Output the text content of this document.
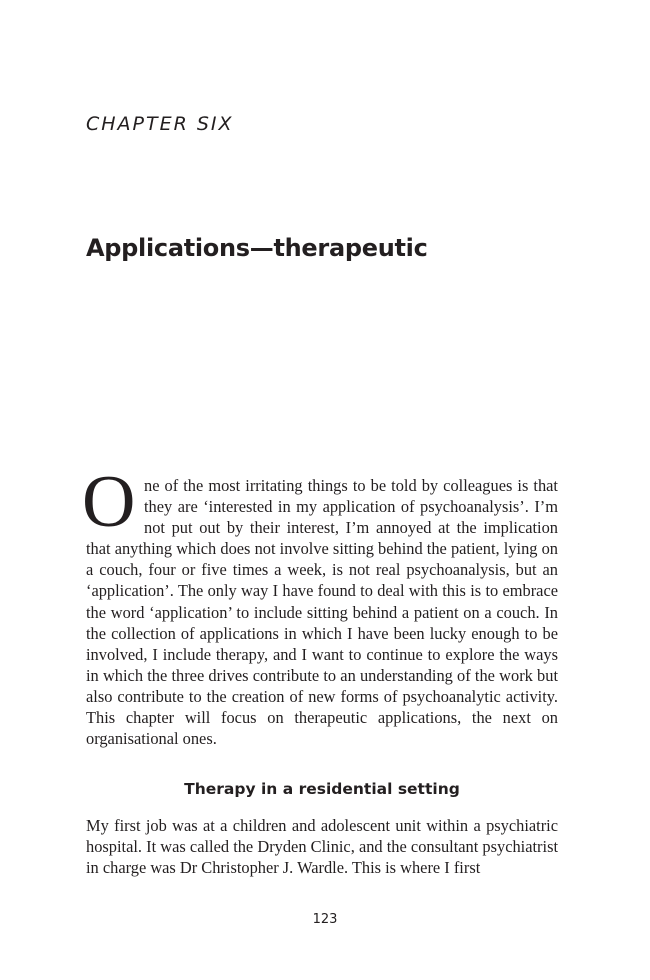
CHAPTER SIX
Applications—therapeutic

O ne of the most irritating things to be told by colleagues is that they are ‘interested in my application of psychoanalysis’. I’m not put out by their interest, I’m annoyed at the implication that anything which does not involve sitting behind the patient, lying on a couch, four or five times a week, is not real psychoanalysis, but an ‘application’. The only way I have found to deal with this is to embrace the word ‘application’ to include sitting behind a patient on a couch. In the collection of applications in which I have been lucky enough to be involved, I include therapy, and I want to continue to explore the ways in which the three drives contribute to an understanding of the work but also contribute to the creation of new forms of psychoanalytic activity. This chapter will focus on therapeutic applications, the next on organisational ones.

Therapy in a residential setting

My first job was at a children and adolescent unit within a psychiatric hospital. It was called the Dryden Clinic, and the consultant psychiatrist in charge was Dr Christopher J. Wardle. This is where I first

123
